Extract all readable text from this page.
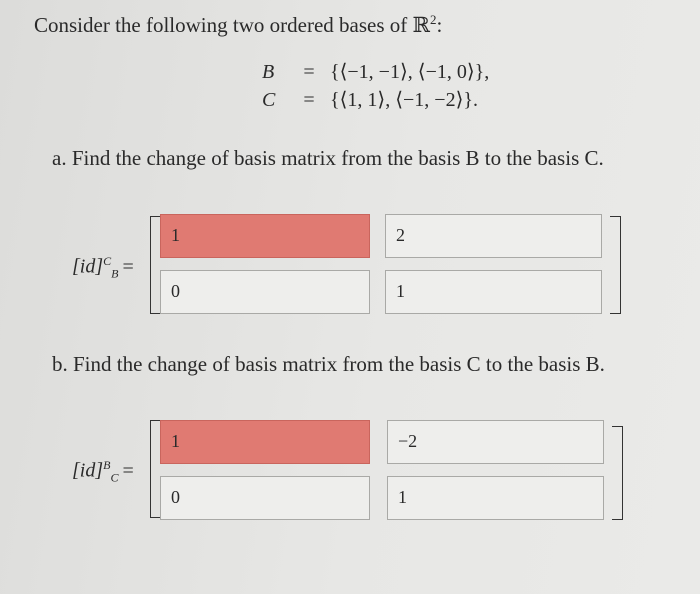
Consider the following two ordered bases of ℝ$^2$:
B	= {⟨−1, −1⟩, ⟨−1, 0⟩},
C	= {⟨1, 1⟩, ⟨−1, −2⟩}.
a. Find the change of basis matrix from the basis B to the basis C.
[id]$^C_B$ =
1	2
0	1
b. Find the change of basis matrix from the basis C to the basis B.
[id]$^B_C$ =
1	−2
0	1
